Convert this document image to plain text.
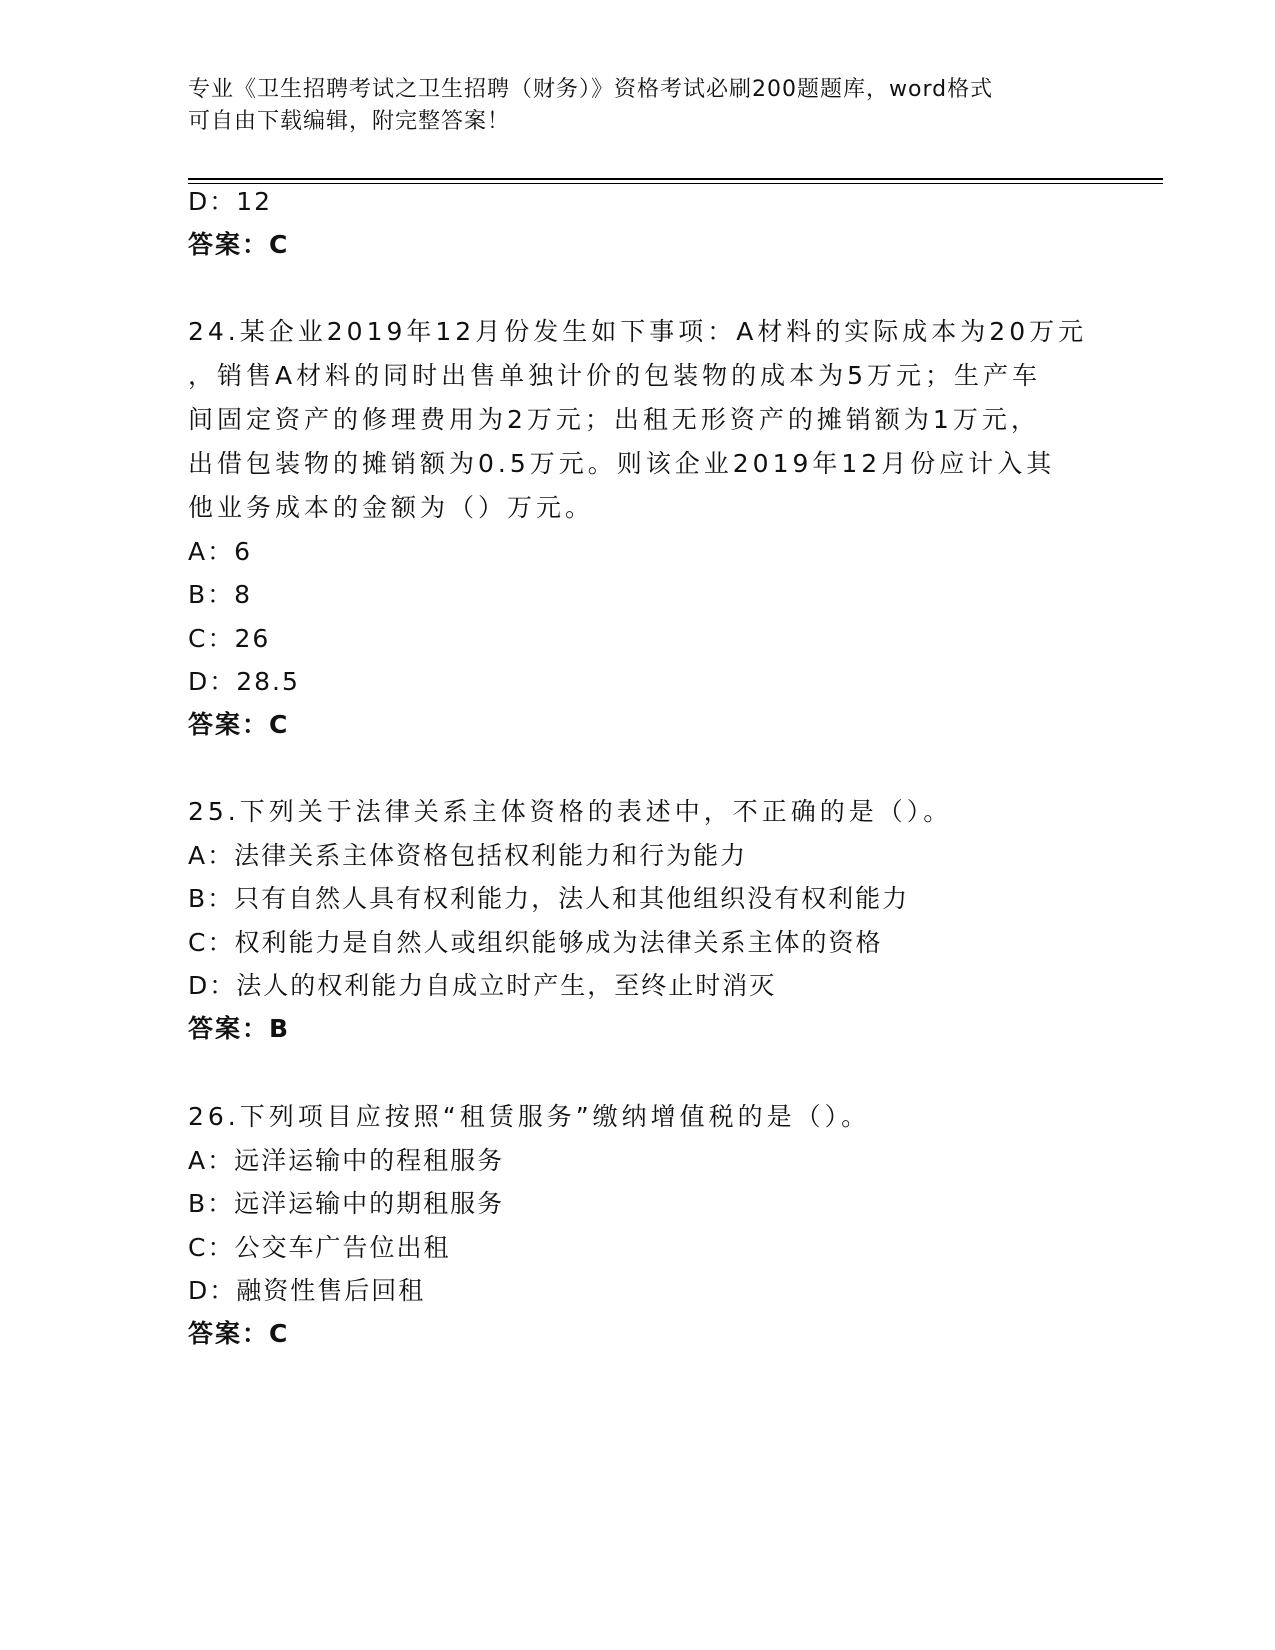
专业《卫生招聘考试之卫生招聘（财务）》资格考试必刷200题题库，word格式
可自由下载编辑，附完整答案！
D：12
答案：C
24.某企业2019年12月份发生如下事项：A材料的实际成本为20万元
，销售A材料的同时出售单独计价的包装物的成本为5万元；生产车
间固定资产的修理费用为2万元；出租无形资产的摊销额为1万元，
出借包装物的摊销额为0.5万元。则该企业2019年12月份应计入其
他业务成本的金额为（）万元。
A：6
B：8
C：26
D：28.5
答案：C
25.下列关于法律关系主体资格的表述中，不正确的是（）。
A：法律关系主体资格包括权利能力和行为能力
B：只有自然人具有权利能力，法人和其他组织没有权利能力
C：权利能力是自然人或组织能够成为法律关系主体的资格
D：法人的权利能力自成立时产生，至终止时消灭
答案：B
26.下列项目应按照“租赁服务”缴纳增值税的是（）。
A：远洋运输中的程租服务
B：远洋运输中的期租服务
C：公交车广告位出租
D：融资性售后回租
答案：C
